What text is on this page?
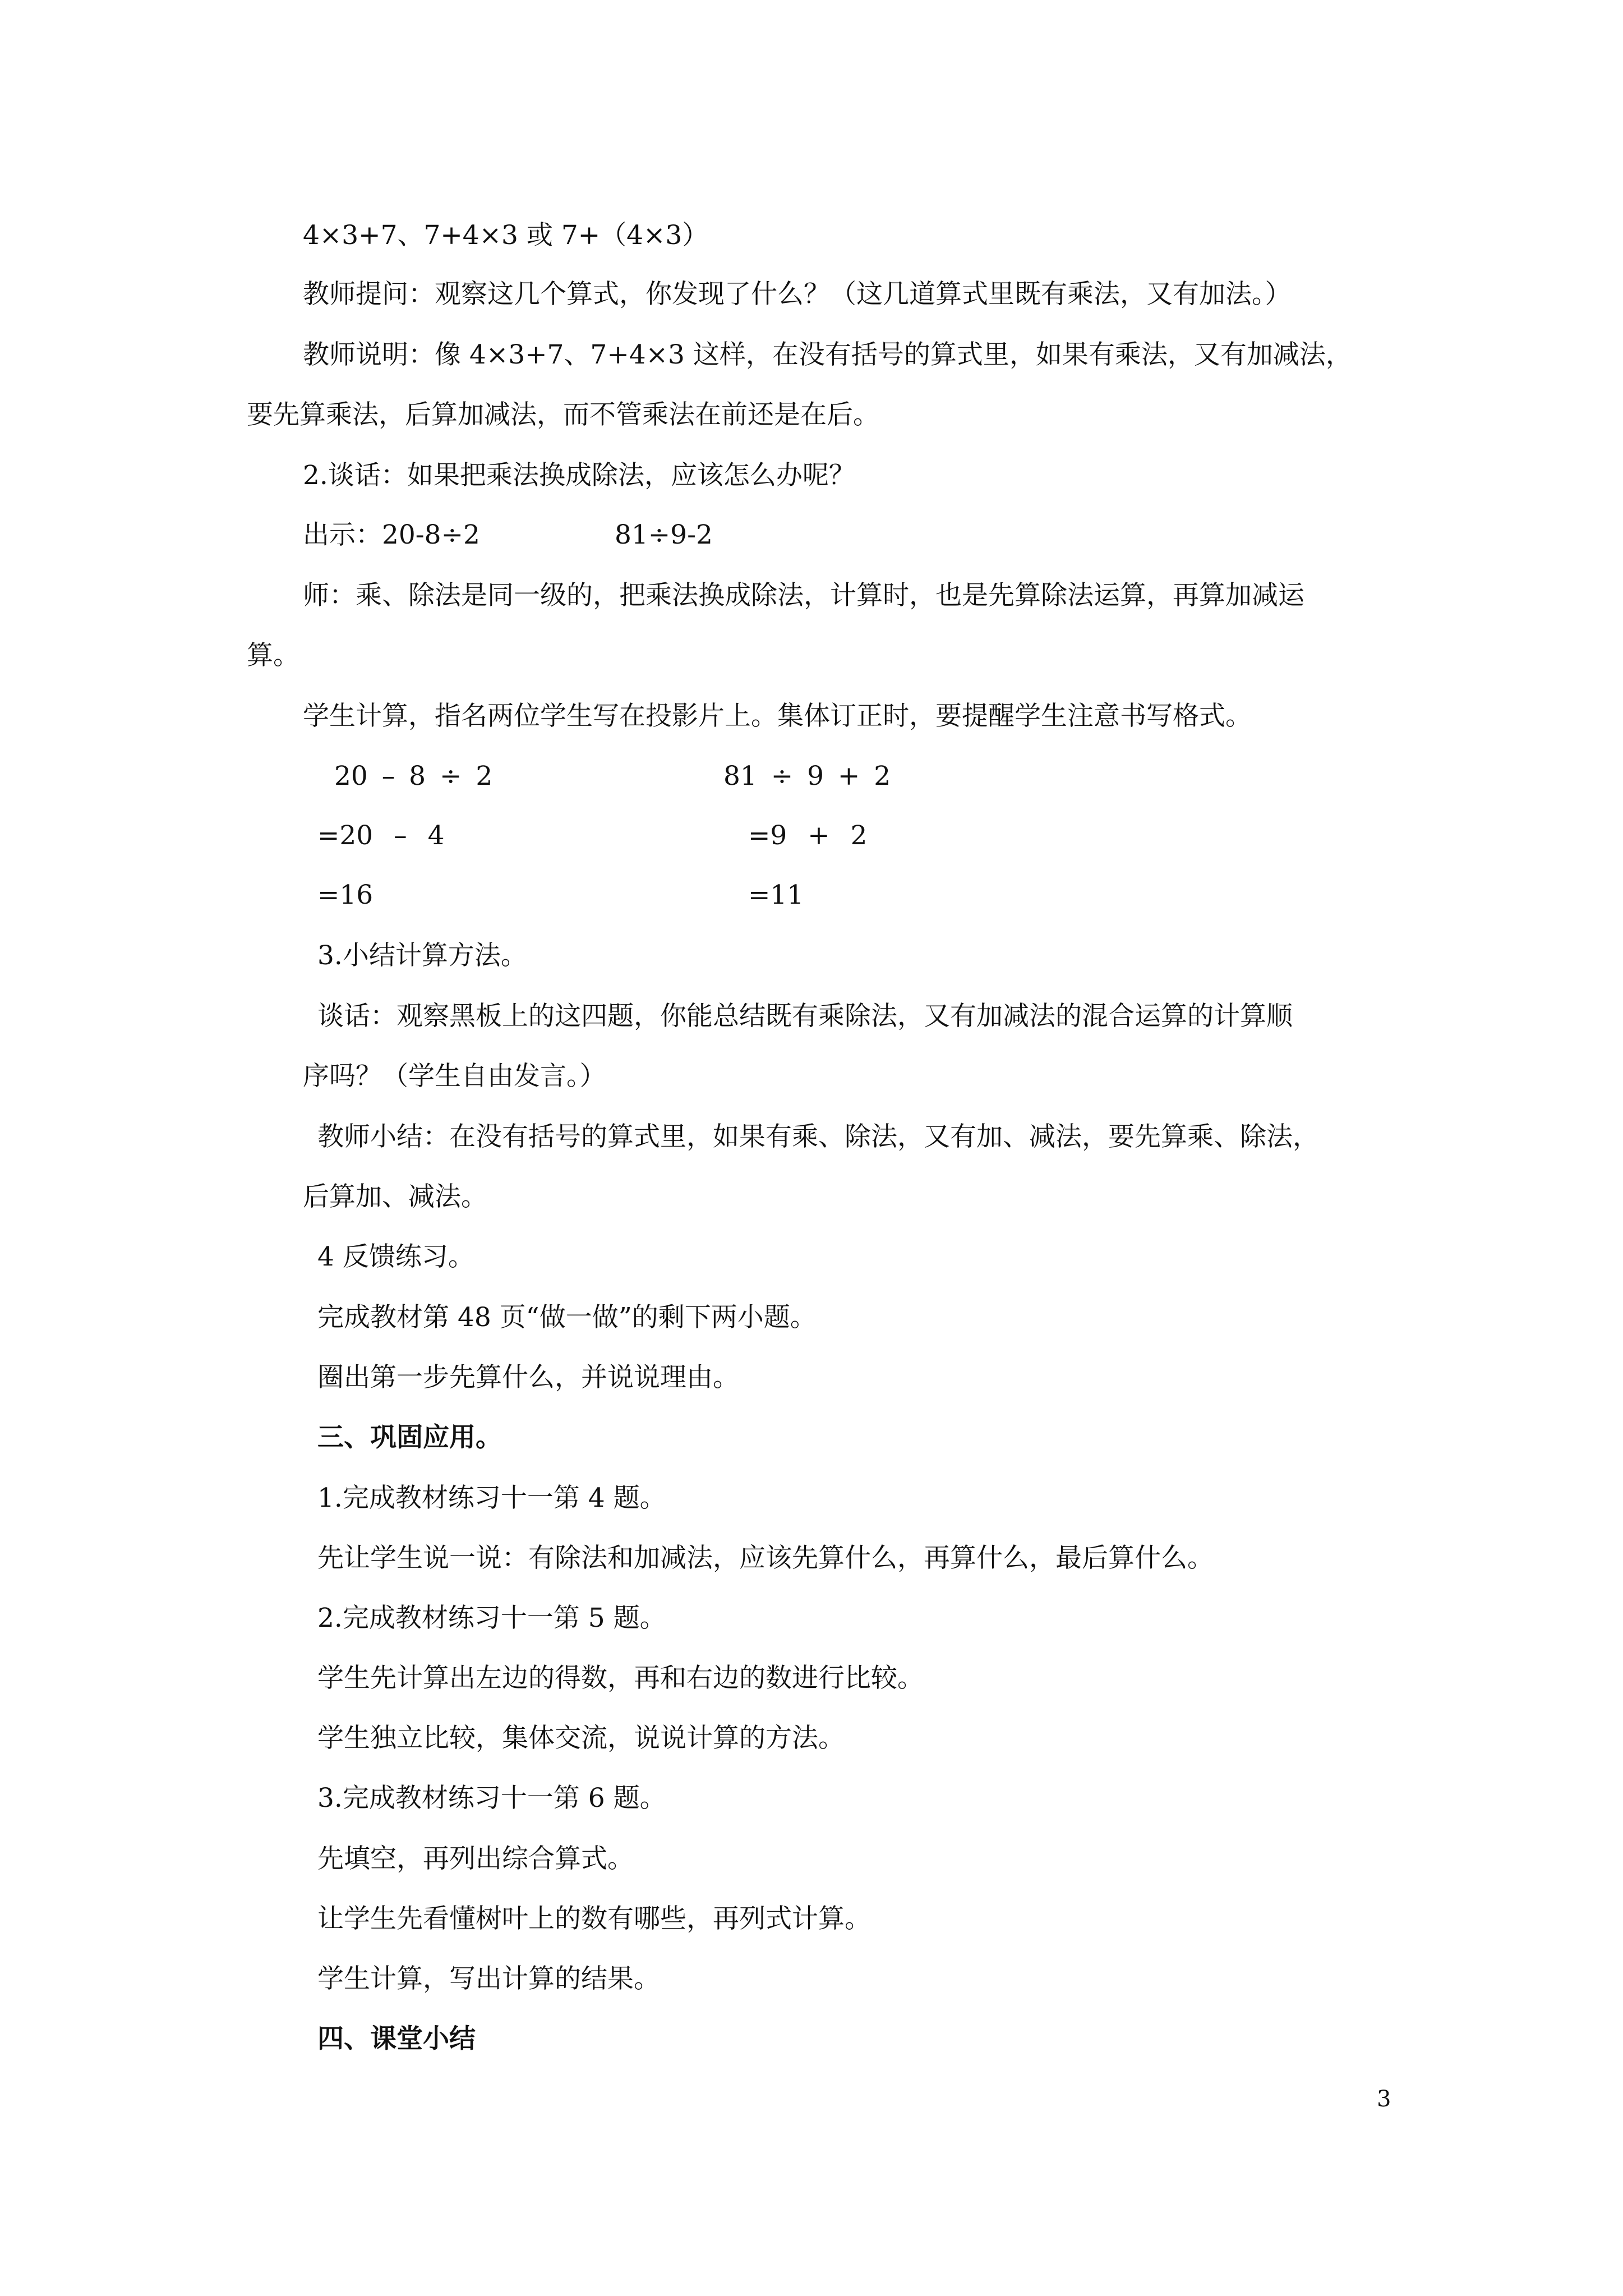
4×3+7、7+4×3 或 7+（4×3）
教师提问：观察这几个算式，你发现了什么？（这几道算式里既有乘法，又有加法。）
教师说明：像 4×3+7、7+4×3 这样，在没有括号的算式里，如果有乘法，又有加减法，
要先算乘法，后算加减法，而不管乘法在前还是在后。
2.谈话：如果把乘法换成除法，应该怎么办呢？
出示：20-8÷2	81÷9-2
师：乘、除法是同一级的，把乘法换成除法，计算时，也是先算除法运算，再算加减运
算。
学生计算，指名两位学生写在投影片上。集体订正时，要提醒学生注意书写格式。
20 – 8 ÷ 2	81 ÷ 9 + 2
=20 – 4	=9 + 2
=16	=11
3.小结计算方法。
谈话：观察黑板上的这四题，你能总结既有乘除法，又有加减法的混合运算的计算顺
序吗？（学生自由发言。）
教师小结：在没有括号的算式里，如果有乘、除法，又有加、减法，要先算乘、除法，
后算加、减法。
4 反馈练习。
完成教材第 48 页“做一做”的剩下两小题。
圈出第一步先算什么，并说说理由。
三、巩固应用。
1.完成教材练习十一第 4 题。
先让学生说一说：有除法和加减法，应该先算什么，再算什么，最后算什么。
2.完成教材练习十一第 5 题。
学生先计算出左边的得数，再和右边的数进行比较。
学生独立比较，集体交流，说说计算的方法。
3.完成教材练习十一第 6 题。
先填空，再列出综合算式。
让学生先看懂树叶上的数有哪些，再列式计算。
学生计算，写出计算的结果。
四、课堂小结
3
